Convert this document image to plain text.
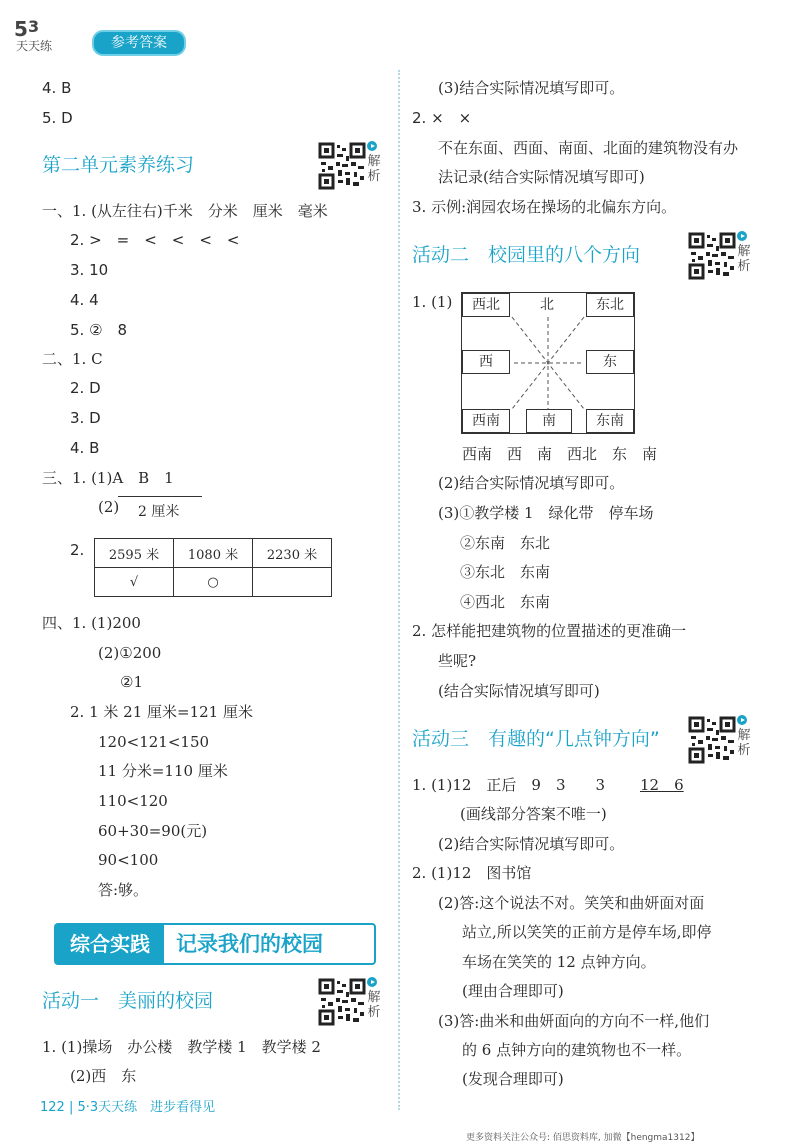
5 3
天天练	参考答案
4. B
5. D
第二单元素养练习	解
析
一、1. (从左往右)千米　分米　厘米　毫米
2. >　=　<　<　<　<
3. 10
4. 4
5. ②　8
二、1. C
2. D
3. D
4. B
三、1. (1)A　B　1
(2) 2 厘米
2. 2595 米	1080 米	2230 米
√	○	
四、1. (1)200
(2)①200
②1
2. 1 米 21 厘米=121 厘米
120<121<150
11 分米=110 厘米
110<120
60+30=90(元)
90<100
答:够。
综合实践	记录我们的校园
活动一　美丽的校园	解
析
1. (1)操场　办公楼　教学楼 1　教学楼 2
(2)西　东
(3)结合实际情况填写即可。
2. ×　×
不在东面、西面、南面、北面的建筑物没有办
法记录(结合实际情况填写即可)
3. 示例:润园农场在操场的北偏东方向。
活动二　校园里的八个方向	解
析
1. (1)	西北	北	东北
西	东
西南	南	东南
西南　西　南　西北　东　南
(2)结合实际情况填写即可。
(3)①教学楼 1　绿化带　停车场
②东南　东北
③东北　东南
④西北　东南
2. 怎样能把建筑物的位置描述的更准确一
些呢?
(结合实际情况填写即可)
活动三　有趣的“几点钟方向”	解
析
1. (1)12　正后　9　3　　3 12　6
(画线部分答案不唯一)
(2)结合实际情况填写即可。
2. (1)12　图书馆
(2)答:这个说法不对。笑笑和曲妍面对面
站立,所以笑笑的正前方是停车场,即停
车场在笑笑的 12 点钟方向。
(理由合理即可)
(3)答:曲米和曲妍面向的方向不一样,他们
的 6 点钟方向的建筑物也不一样。
(发现合理即可)
122 | 5·3天天练　进步看得见
更多资料关注公众号: 佰思资料库, 加微【hengma1312】
